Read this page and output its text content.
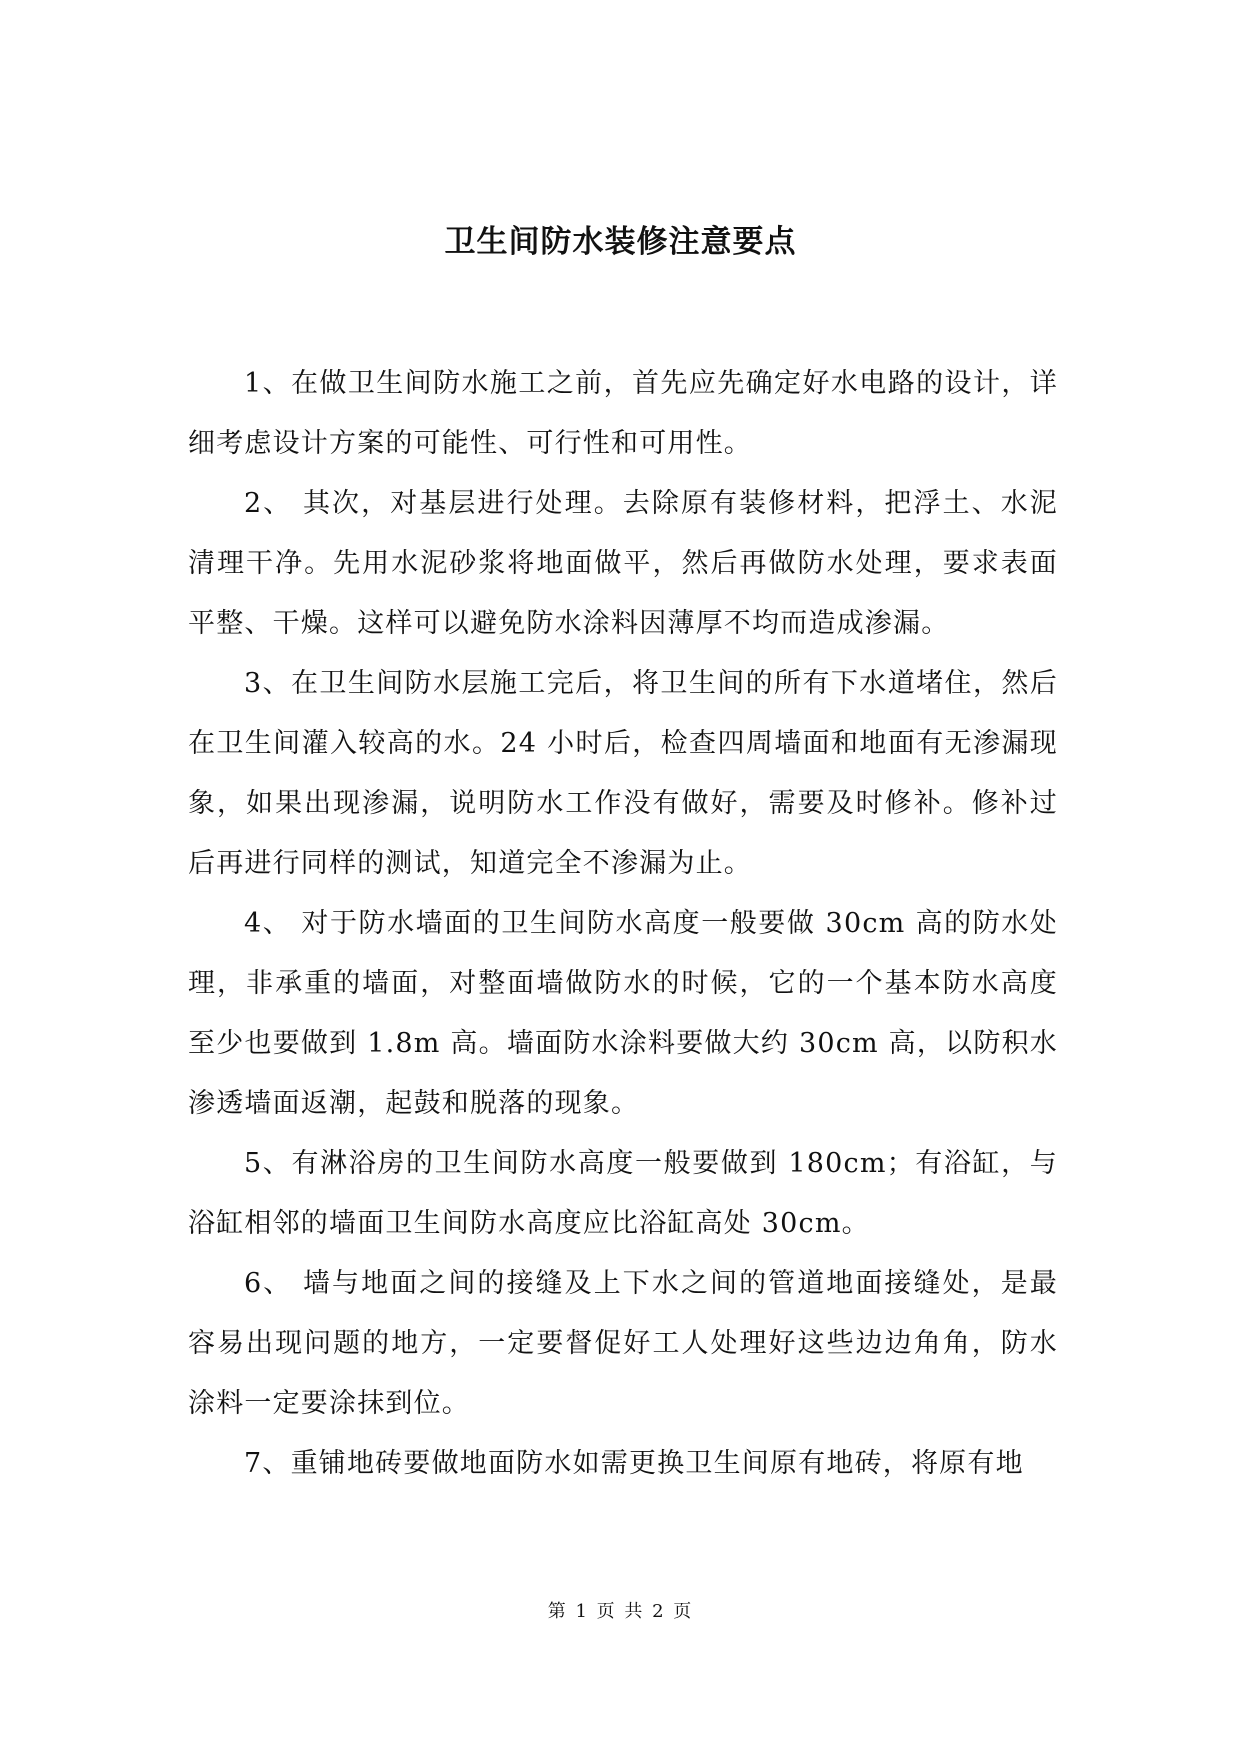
卫生间防水装修注意要点

1、在做卫生间防水施工之前，首先应先确定好水电路的设计，详细考虑设计方案的可能性、可行性和可用性。

2、 其次，对基层进行处理。去除原有装修材料，把浮土、水泥清理干净。先用水泥砂浆将地面做平，然后再做防水处理，要求表面平整、干燥。这样可以避免防水涂料因薄厚不均而造成渗漏。

3、在卫生间防水层施工完后，将卫生间的所有下水道堵住，然后在卫生间灌入较高的水。24 小时后，检查四周墙面和地面有无渗漏现象，如果出现渗漏，说明防水工作没有做好，需要及时修补。修补过后再进行同样的测试，知道完全不渗漏为止。

4、 对于防水墙面的卫生间防水高度一般要做 30cm 高的防水处理，非承重的墙面，对整面墙做防水的时候，它的一个基本防水高度至少也要做到 1.8m 高。墙面防水涂料要做大约 30cm 高，以防积水渗透墙面返潮，起鼓和脱落的现象。

5、有淋浴房的卫生间防水高度一般要做到 180cm；有浴缸，与浴缸相邻的墙面卫生间防水高度应比浴缸高处 30cm。

6、 墙与地面之间的接缝及上下水之间的管道地面接缝处，是最容易出现问题的地方，一定要督促好工人处理好这些边边角角，防水涂料一定要涂抹到位。

7、重铺地砖要做地面防水如需更换卫生间原有地砖，将原有地

第 1 页 共 2 页
